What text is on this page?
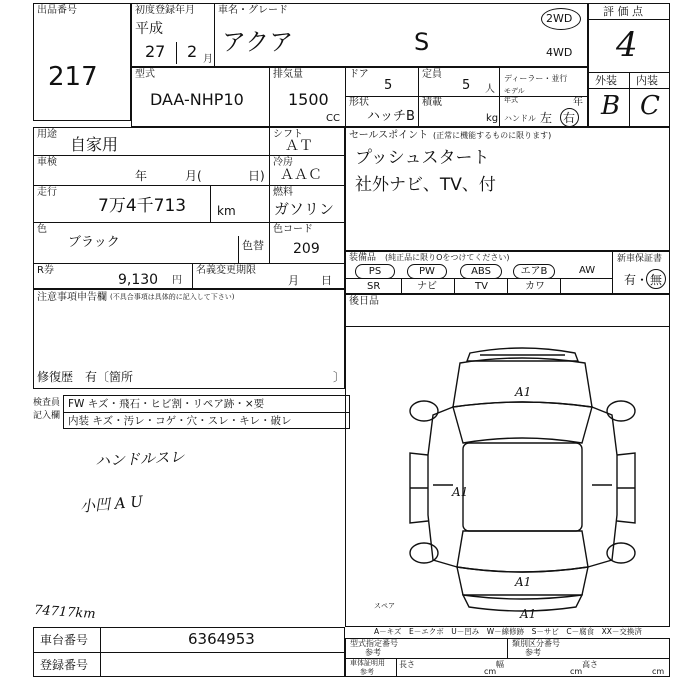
出品番号
217
初度登録年月
平成
27 2 月
車名・グレード
アクア	S
2WD
4WD
評 価 点
4
外装 内装
B C
型式
DAA-NHP10
排気量
1500
CC
ドア
5
定員
5 人
ディーラー・並行
モデル
年式	年
形状
ハッチB
積載
kg ハンドル 左 右
用途
自家用
シフト
ＡＴ
車検
年	月(	日)
冷房
ＡＡＣ
走行
7万4千713	km
燃料
ガソリン
色
ブラック	色替
色コード
209
R券
9,130 円
名義変更期限
月 日
セールスポイント (正常に機能するものに限ります)
プッシュスタート
社外ナビ、TV、付
装備品 (純正品に限りOをつけてください)
PS	PW	ABS	エアB	AW
SR	ナビ	TV	カワ
新車保証書
有 ・ 無
注意事項申告欄 (不具合事項は具体的に記入して下さい)
修復歴　有〔箇所	〕
後日品
検査員
記入欄
FW キズ・飛石・ヒビ割・リペア跡・×要
内装 キズ・汚レ・コゲ・穴・スレ・キレ・破レ
ハンドルスレ
小凹 A U
74717km
A1
A1
A1
A1
スペア
車台番号	6364953
登録番号
A－キズ　E－エクボ　U－凹み　W－線修跡　S－サビ　C－腐食　XX－交換済
型式指定番号
参考
類別区分番号
参考
車体証明用
参考
長さ
cm
幅
cm
高さ
cm
